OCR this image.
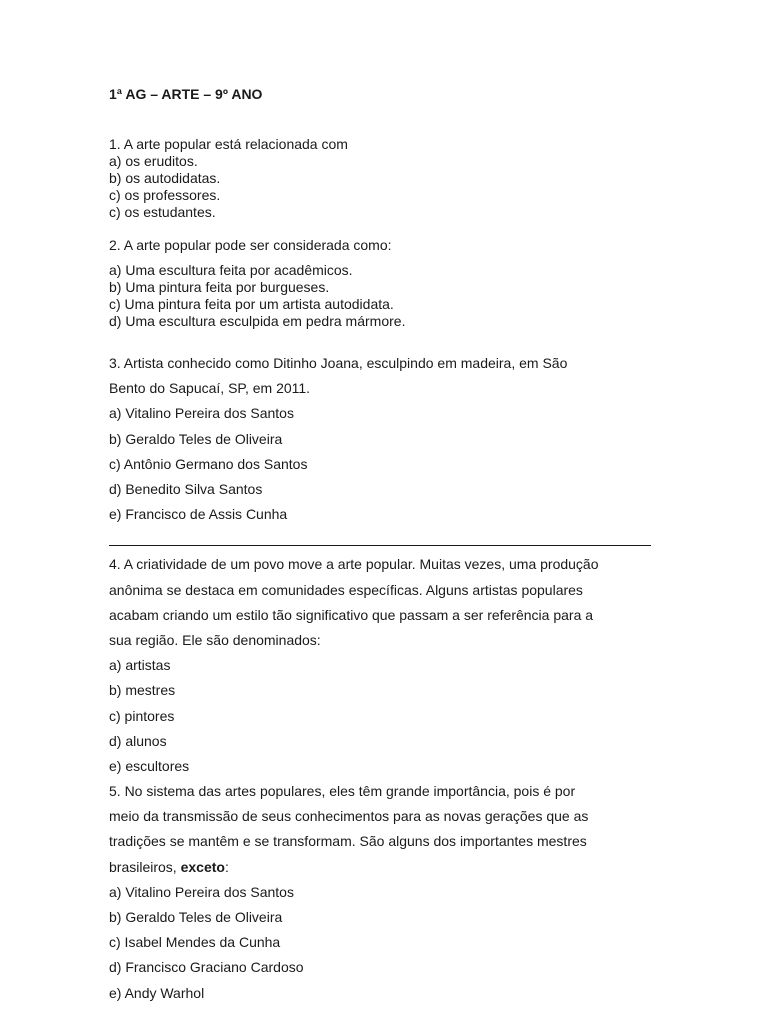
1ª AG – ARTE – 9º ANO
1. A arte popular está relacionada com
a) os eruditos.
b) os autodidatas.
c) os professores.
c) os estudantes.
2. A arte popular pode ser considerada como:
a) Uma escultura feita por acadêmicos.
b) Uma pintura feita por burgueses.
c) Uma pintura feita por um artista autodidata.
d) Uma escultura esculpida em pedra mármore.
3. Artista conhecido como Ditinho Joana, esculpindo em madeira, em São
Bento do Sapucaí, SP, em 2011.
a) Vitalino Pereira dos Santos
b) Geraldo Teles de Oliveira
c) Antônio Germano dos Santos
d) Benedito Silva Santos
e) Francisco de Assis Cunha
4. A criatividade de um povo move a arte popular. Muitas vezes, uma produção
anônima se destaca em comunidades específicas. Alguns artistas populares
acabam criando um estilo tão significativo que passam a ser referência para a
sua região. Ele são denominados:
a) artistas
b) mestres
c) pintores
d) alunos
e) escultores
5. No sistema das artes populares, eles têm grande importância, pois é por
meio da transmissão de seus conhecimentos para as novas gerações que as
tradições se mantêm e se transformam. São alguns dos importantes mestres
brasileiros, exceto:
a) Vitalino Pereira dos Santos
b) Geraldo Teles de Oliveira
c) Isabel Mendes da Cunha
d) Francisco Graciano Cardoso
e) Andy Warhol
